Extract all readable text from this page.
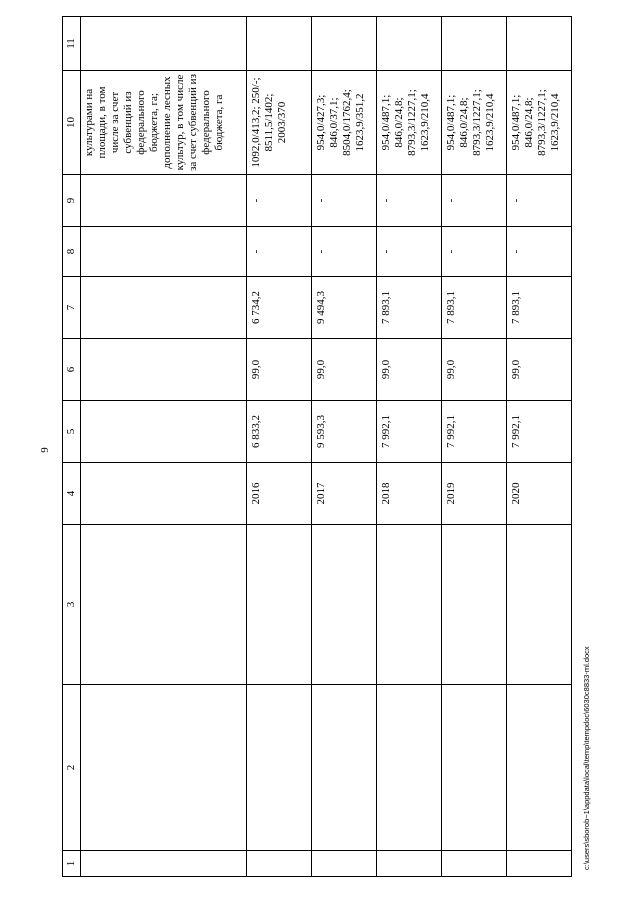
9
1	2	3	4	5	6	7	8	9	10	11
									культурами на площади, в том числе за счет субвенций из федерального бюджета, га; дополнение лесных культур, в том числе за счет субвенций из федерального бюджета, га	
			2016	6 833,2	99,0	6 734,2	-	-	1092,0/413,2; 250/-; 8511,5/1402; 2003/370	
			2017	9 593,3	99,0	9 494,3	-	-	954,0/427,3; 846,0/37,1; 8504,0/1762,4; 1623,9/351,2	
			2018	7 992,1	99,0	7 893,1	-	-	954,0/487,1; 846,0/24,8; 8793,3/1227,1; 1623,9/210,4	
			2019	7 992,1	99,0	7 893,1	-	-	954,0/487,1; 846,0/24,8; 8793,3/1227,1; 1623,9/210,4	
			2020	7 992,1	99,0	7 893,1	-	-	954,0/487,1; 846,0/24,8; 8793,3/1227,1; 1623,9/210,4	
c:\users\sborob~1\appdata\local\temp\tempdoc\6030c8833-ml.docx
